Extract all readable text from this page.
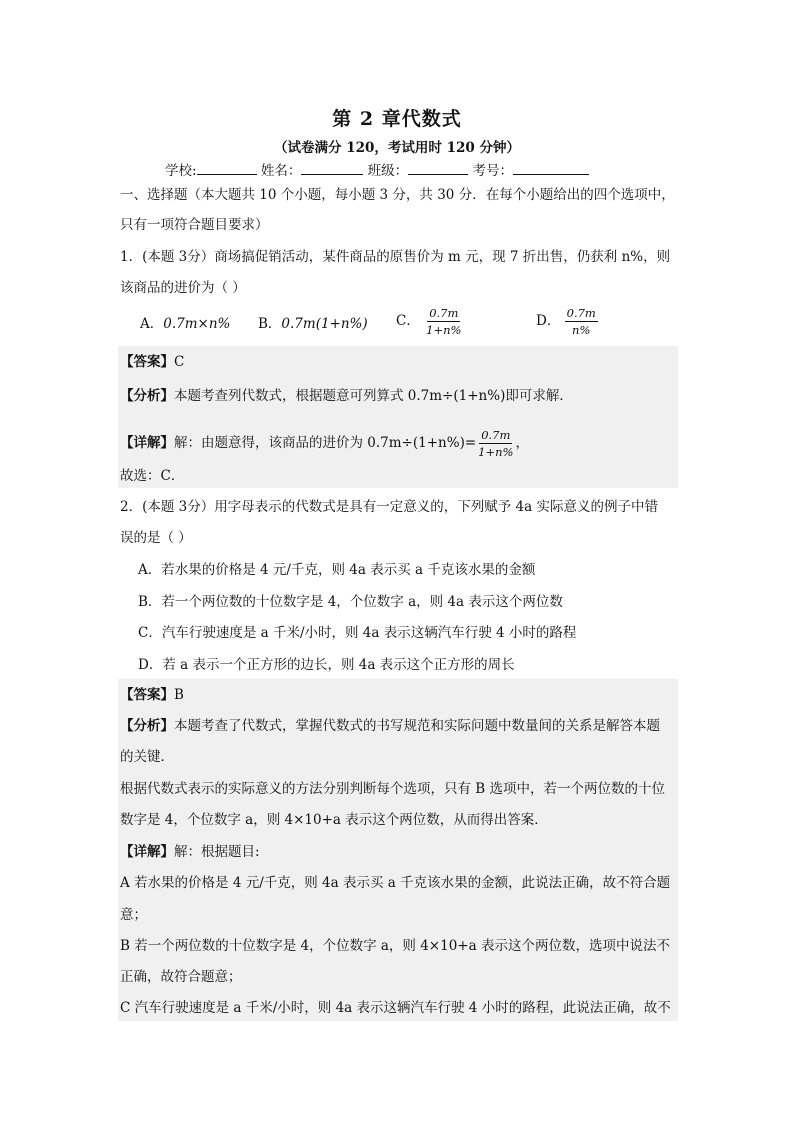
第 2 章代数式
（试卷满分 120，考试用时 120 分钟）
学校:	姓名：	班级：	考号：
一、选择题（本大题共 10 个小题，每小题 3 分，共 30 分．在每个小题给出的四个选项中，
只有一项符合题目要求）
1．(本题 3分）商场搞促销活动，某件商品的原售价为 m 元，现 7 折出售，仍获利 n%，则
该商品的进价为（ ）
A．0.7m×n% B．0.7m(1+n%) C． $\frac{0.7m}{1+n\%}$	D． $\frac{0.7m}{n\%}$
【答案】C
【分析】本题考查列代数式，根据题意可列算式 0.7m÷(1+n%)即可求解．
【详解】解：由题意得，该商品的进价为 $0.7m\div(1+n\%)= \frac{0.7m}{1+n\%}$ ，
故选：C．
2．(本题 3分）用字母表示的代数式是具有一定意义的，下列赋予 4a 实际意义的例子中错
误的是（ ）
A．若水果的价格是 4 元/千克，则 4a 表示买 a 千克该水果的金额
B．若一个两位数的十位数字是 4，个位数字 a，则 4a 表示这个两位数
C．汽车行驶速度是 a 千米/小时，则 4a 表示这辆汽车行驶 4 小时的路程
D．若 a 表示一个正方形的边长，则 4a 表示这个正方形的周长
【答案】B
【分析】本题考查了代数式，掌握代数式的书写规范和实际问题中数量间的关系是解答本题
的关键．
根据代数式表示的实际意义的方法分别判断每个选项，只有 B 选项中，若一个两位数的十位
数字是 4，个位数字 a，则 4×10+a 表示这个两位数，从而得出答案．
【详解】解：根据题目:
A 若水果的价格是 4 元/千克，则 4a 表示买 a 千克该水果的金额，此说法正确，故不符合题
意；
B 若一个两位数的十位数字是 4，个位数字 a，则 4×10+a 表示这个两位数，选项中说法不
正确，故符合题意；
C 汽车行驶速度是 a 千米/小时，则 4a 表示这辆汽车行驶 4 小时的路程，此说法正确，故不
